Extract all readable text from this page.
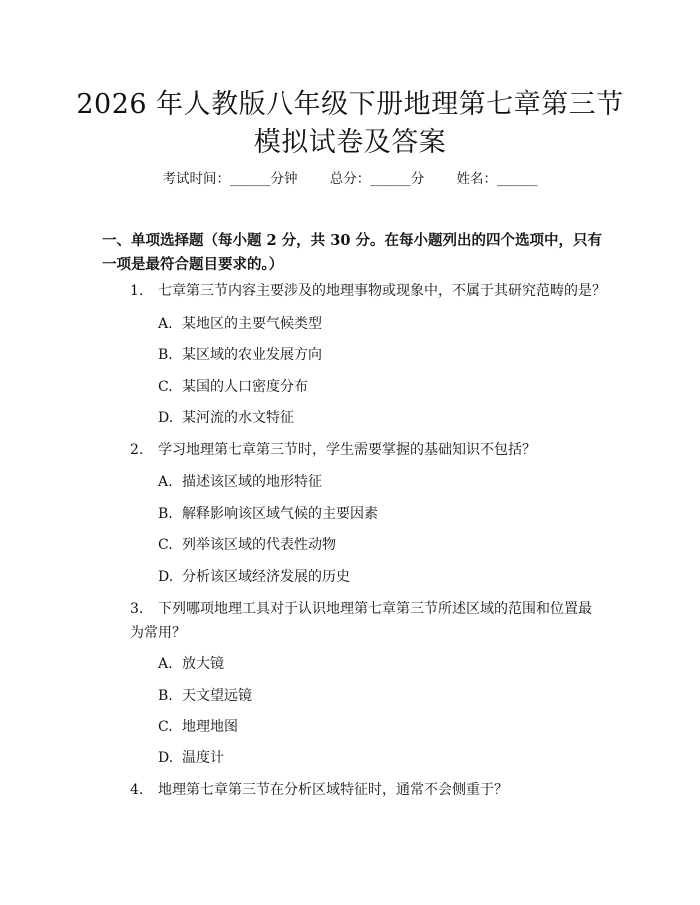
2026 年人教版八年级下册地理第七章第三节
模拟试卷及答案
考试时间：______分钟 总分：______分 姓名：______
一、单项选择题（每小题 2 分，共 30 分。在每小题列出的四个选项中，只有一项是最符合题目要求的。）
1. 七章第三节内容主要涉及的地理事物或现象中，不属于其研究范畴的是？
A. 某地区的主要气候类型
B. 某区域的农业发展方向
C. 某国的人口密度分布
D. 某河流的水文特征
2. 学习地理第七章第三节时，学生需要掌握的基础知识不包括？
A. 描述该区域的地形特征
B. 解释影响该区域气候的主要因素
C. 列举该区域的代表性动物
D. 分析该区域经济发展的历史
3. 下列哪项地理工具对于认识地理第七章第三节所述区域的范围和位置最为常用？
A. 放大镜
B. 天文望远镜
C. 地理地图
D. 温度计
4. 地理第七章第三节在分析区域特征时，通常不会侧重于？
